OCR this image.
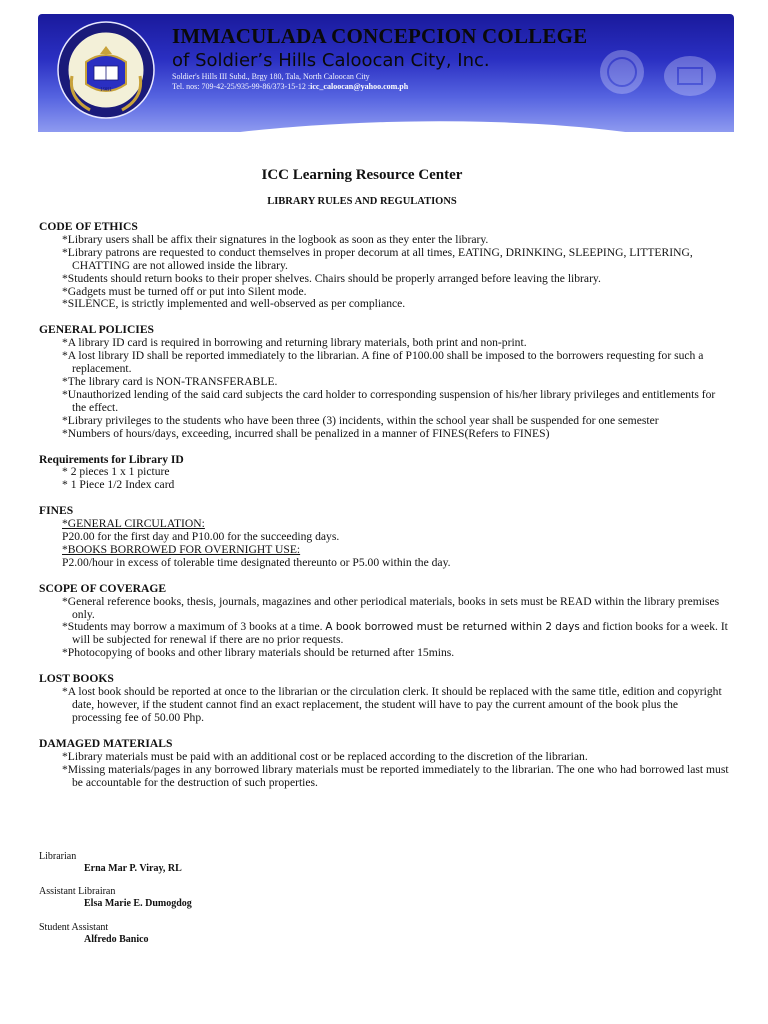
1981
IMMACULADA CONCEPCION COLLEGE
of Soldier’s Hills Caloocan City, Inc.
Soldier's Hills III Subd., Brgy 180, Tala, North Caloocan City
Tel. nos: 709-42-25/935-99-86/373-15-12 :icc_caloocan@yahoo.com.ph
ICC Learning Resource Center
LIBRARY RULES AND REGULATIONS
CODE OF ETHICS
*Library users shall be affix their signatures in the logbook as soon as they enter the library.
*Library patrons are requested to conduct themselves in proper decorum at all times, EATING, DRINKING, SLEEPING, LITTERING, CHATTING are not allowed inside the library.
*Students should return books to their proper shelves. Chairs should be properly arranged before leaving the library.
*Gadgets must be turned off or put into Silent mode.
*SILENCE, is strictly implemented and well-observed as per compliance.
GENERAL POLICIES
*A library ID card is required in borrowing and returning library materials, both print and non-print.
*A lost library ID shall be reported immediately to the librarian. A fine of P100.00 shall be imposed to the borrowers requesting for such a replacement.
*The library card is NON-TRANSFERABLE.
*Unauthorized lending of the said card subjects the card holder to corresponding suspension of his/her library privileges and entitlements for the effect.
*Library privileges to the students who have been three (3) incidents, within the school year shall be suspended for one semester
*Numbers of hours/days, exceeding, incurred shall be penalized in a manner of FINES(Refers to FINES)
Requirements for Library ID
* 2 pieces 1 x 1 picture
* 1 Piece 1/2 Index card
FINES
*GENERAL CIRCULATION:
P20.00 for the first day and P10.00 for the succeeding days.
*BOOKS BORROWED FOR OVERNIGHT USE:
P2.00/hour in excess of tolerable time designated thereunto or P5.00 within the day.
SCOPE OF COVERAGE
*General reference books, thesis, journals, magazines and other periodical materials, books in sets must be READ within the library premises only.
*Students may borrow a maximum of 3 books at a time. A book borrowed must be returned within 2 days and fiction books for a week. It will be subjected for renewal if there are no prior requests.
*Photocopying of books and other library materials should be returned after 15mins.
LOST BOOKS
*A lost book should be reported at once to the librarian or the circulation clerk. It should be replaced with the same title, edition and copyright date, however, if the student cannot find an exact replacement, the student will have to pay the current amount of the book plus the processing fee of 50.00 Php.
DAMAGED MATERIALS
*Library materials must be paid with an additional cost or be replaced according to the discretion of the librarian.
*Missing materials/pages in any borrowed library materials must be reported immediately to the librarian. The one who had borrowed last must be accountable for the destruction of such properties.
Librarian
Erna Mar P. Viray, RL
Assistant Librairan
Elsa Marie E. Dumogdog
Student Assistant
Alfredo Banico
